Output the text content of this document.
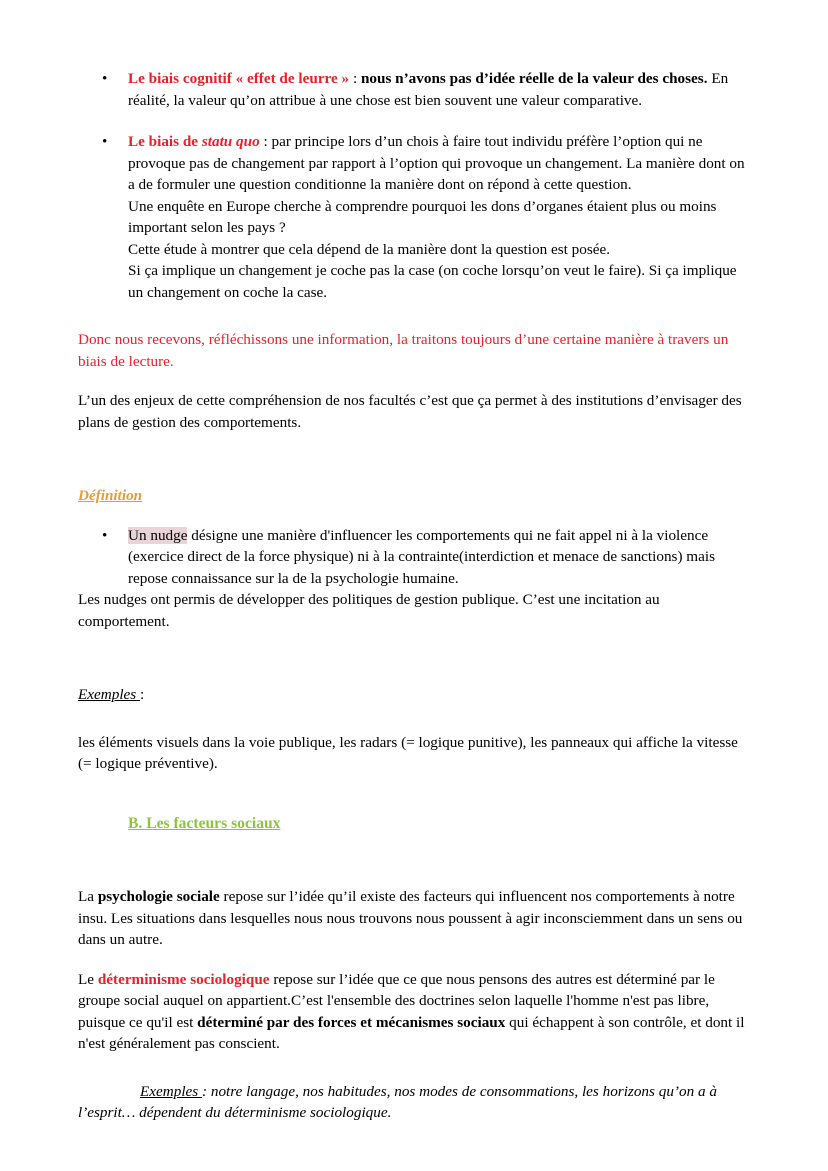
• Le biais cognitif « effet de leurre » : nous n’avons pas d’idée réelle de la valeur des choses. En réalité, la valeur qu’on attribue à une chose est bien souvent une valeur comparative.

• Le biais de statu quo : par principe lors d’un chois à faire tout individu préfère l’option qui ne provoque pas de changement par rapport à l’option qui provoque un changement. La manière dont on a de formuler une question conditionne la manière dont on répond à cette question.

Une enquête en Europe cherche à comprendre pourquoi les dons d’organes étaient plus ou moins important selon les pays ?

Cette étude à montrer que cela dépend de la manière dont la question est posée.

Si ça implique un changement je coche pas la case (on coche lorsqu’on veut le faire). Si ça implique un changement on coche la case.

Donc nous recevons, réfléchissons une information, la traitons toujours d’une certaine manière à travers un biais de lecture.

L’un des enjeux de cette compréhension de nos facultés c’est que ça permet à des institutions d’envisager des plans de gestion des comportements.

Définition

• Un nudge désigne une manière d'influencer les comportements qui ne fait appel ni à la violence (exercice direct de la force physique) ni à la contrainte(interdiction et menace de sanctions) mais repose connaissance sur la de la psychologie humaine.

Les nudges ont permis de développer des politiques de gestion publique. C’est une incitation au comportement.

Exemples :

les éléments visuels dans la voie publique, les radars (= logique punitive), les panneaux qui affiche la vitesse (= logique préventive).

B. Les facteurs sociaux

La psychologie sociale repose sur l’idée qu’il existe des facteurs qui influencent nos comportements à notre insu. Les situations dans lesquelles nous nous trouvons nous poussent à agir inconsciemment dans un sens ou dans un autre.

Le déterminisme sociologique repose sur l’idée que ce que nous pensons des autres est déterminé par le groupe social auquel on appartient.C’est l'ensemble des doctrines selon laquelle l'homme n'est pas libre, puisque ce qu'il est déterminé par des forces et mécanismes sociaux qui échappent à son contrôle, et dont il n'est généralement pas conscient.

Exemples : notre langage, nos habitudes, nos modes de consommations, les horizons qu’on a à l’esprit… dépendent du déterminisme sociologique.
